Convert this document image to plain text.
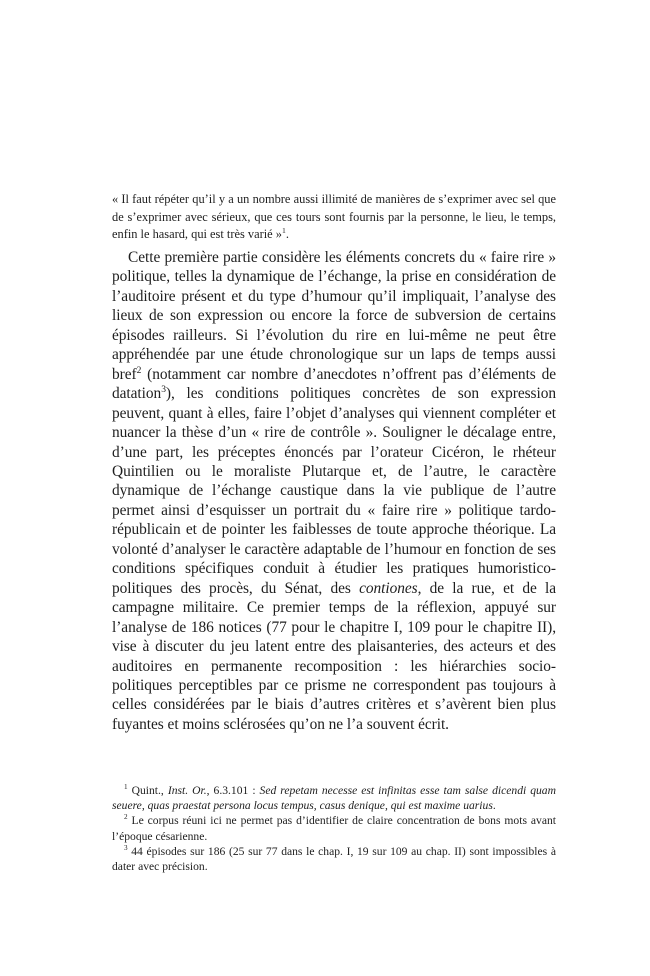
« Il faut répéter qu’il y a un nombre aussi illimité de manières de s’exprimer avec sel que de s’exprimer avec sérieux, que ces tours sont fournis par la personne, le lieu, le temps, enfin le hasard, qui est très varié »$^1$.

Cette première partie considère les éléments concrets du « faire rire » politique, telles la dynamique de l’échange, la prise en considération de l’auditoire présent et du type d’humour qu’il impliquait, l’analyse des lieux de son expression ou encore la force de subversion de certains épisodes railleurs. Si l’évolution du rire en lui-même ne peut être appréhendée par une étude chronologique sur un laps de temps aussi bref$^2$ (notamment car nombre d’anecdotes n’offrent pas d’éléments de datation$^3$), les conditions politiques concrètes de son expression peuvent, quant à elles, faire l’objet d’analyses qui viennent compléter et nuancer la thèse d’un « rire de contrôle ». Souligner le décalage entre, d’une part, les préceptes énoncés par l’orateur Cicéron, le rhéteur Quintilien ou le moraliste Plutarque et, de l’autre, le caractère dynamique de l’échange caustique dans la vie publique de l’autre permet ainsi d’esquisser un portrait du « faire rire » politique tardo-républicain et de pointer les faiblesses de toute approche théorique. La volonté d’analyser le caractère adaptable de l’humour en fonction de ses conditions spécifiques conduit à étudier les pratiques humoristico-politiques des procès, du Sénat, des contiones, de la rue, et de la campagne militaire. Ce premier temps de la réflexion, appuyé sur l’analyse de 186 notices (77 pour le chapitre I, 109 pour le chapitre II), vise à discuter du jeu latent entre des plaisanteries, des acteurs et des auditoires en permanente recomposition : les hiérarchies socio-politiques perceptibles par ce prisme ne correspondent pas toujours à celles considérées par le biais d’autres critères et s’avèrent bien plus fuyantes et moins sclérosées qu’on ne l’a souvent écrit.

$^1$ Quint., Inst. Or., 6.3.101 : Sed repetam necesse est infinitas esse tam salse dicendi quam seuere, quas praestat persona locus tempus, casus denique, qui est maxime uarius.

$^2$ Le corpus réuni ici ne permet pas d’identifier de claire concentration de bons mots avant l’époque césarienne.

$^3$ 44 épisodes sur 186 (25 sur 77 dans le chap. I, 19 sur 109 au chap. II) sont impossibles à dater avec précision.
